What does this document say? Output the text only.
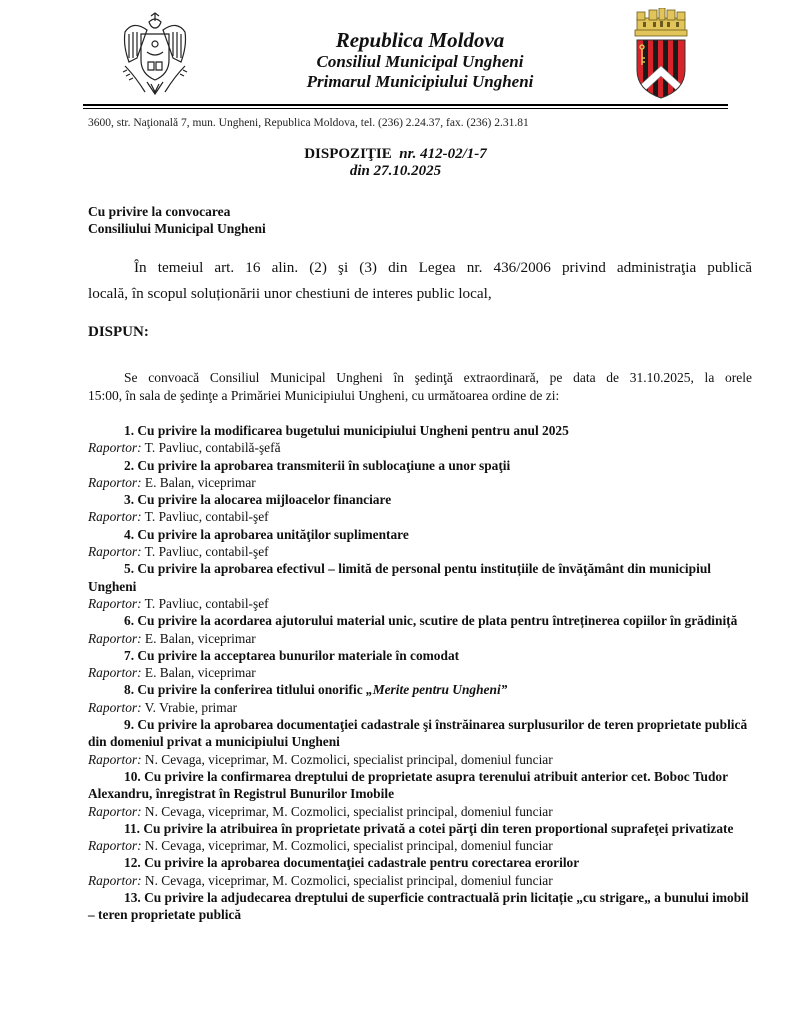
Republica Moldova
Consiliul Municipal Ungheni
Primarul Municipiului Ungheni
3600, str. Naţională 7, mun. Ungheni, Republica Moldova, tel. (236) 2.24.37, fax. (236) 2.31.81
DISPOZIŢIE nr. 412-02/1-7
din 27.10.2025
Cu privire la convocarea
Consiliului Municipal Ungheni
În temeiul art. 16 alin. (2) şi (3) din Legea nr. 436/2006 privind administraţia publică
locală, în scopul soluționării unor chestiuni de interes public local,
DISPUN:
Se convoacă Consiliul Municipal Ungheni în şedinţă extraordinară, pe data de 31.10.2025, la orele
15:00, în sala de şedinţe a Primăriei Municipiului Ungheni, cu următoarea ordine de zi:
1. Cu privire la modificarea bugetului municipiului Ungheni pentru anul 2025
Raportor: T. Pavliuc, contabilă-şefă
2. Cu privire la aprobarea transmiterii în sublocaţiune a unor spaţii
Raportor: E. Balan, viceprimar
3. Cu privire la alocarea mijloacelor financiare
Raportor: T. Pavliuc, contabil-şef
4. Cu privire la aprobarea unităţilor suplimentare
Raportor: T. Pavliuc, contabil-şef
5. Cu privire la aprobarea efectivul – limită de personal pentu instituțiile de învăţământ din municipiul Ungheni
Raportor: T. Pavliuc, contabil-şef
6. Cu privire la acordarea ajutorului material unic, scutire de plata pentru întreținerea copiilor în grădiniță
Raportor: E. Balan, viceprimar
7. Cu privire la acceptarea bunurilor materiale în comodat
Raportor: E. Balan, viceprimar
8. Cu privire la conferirea titlului onorific „Merite pentru Ungheni”
Raportor: V. Vrabie, primar
9. Cu privire la aprobarea documentaţiei cadastrale şi înstrăinarea surplusurilor de teren proprietate publică din domeniul privat a municipiului Ungheni
Raportor: N. Cevaga, viceprimar, M. Cozmolici, specialist principal, domeniul funciar
10. Cu privire la confirmarea dreptului de proprietate asupra terenului atribuit anterior cet. Boboc Tudor Alexandru, înregistrat în Registrul Bunurilor Imobile
Raportor: N. Cevaga, viceprimar, M. Cozmolici, specialist principal, domeniul funciar
11. Cu privire la atribuirea în proprietate privată a cotei părţi din teren proportional suprafeţei privatizate
Raportor: N. Cevaga, viceprimar, M. Cozmolici, specialist principal, domeniul funciar
12. Cu privire la aprobarea documentaţiei cadastrale pentru corectarea erorilor
Raportor: N. Cevaga, viceprimar, M. Cozmolici, specialist principal, domeniul funciar
13. Cu privire la adjudecarea dreptului de superficie contractuală prin licitație „cu strigare„ a bunului imobil – teren proprietate publică
